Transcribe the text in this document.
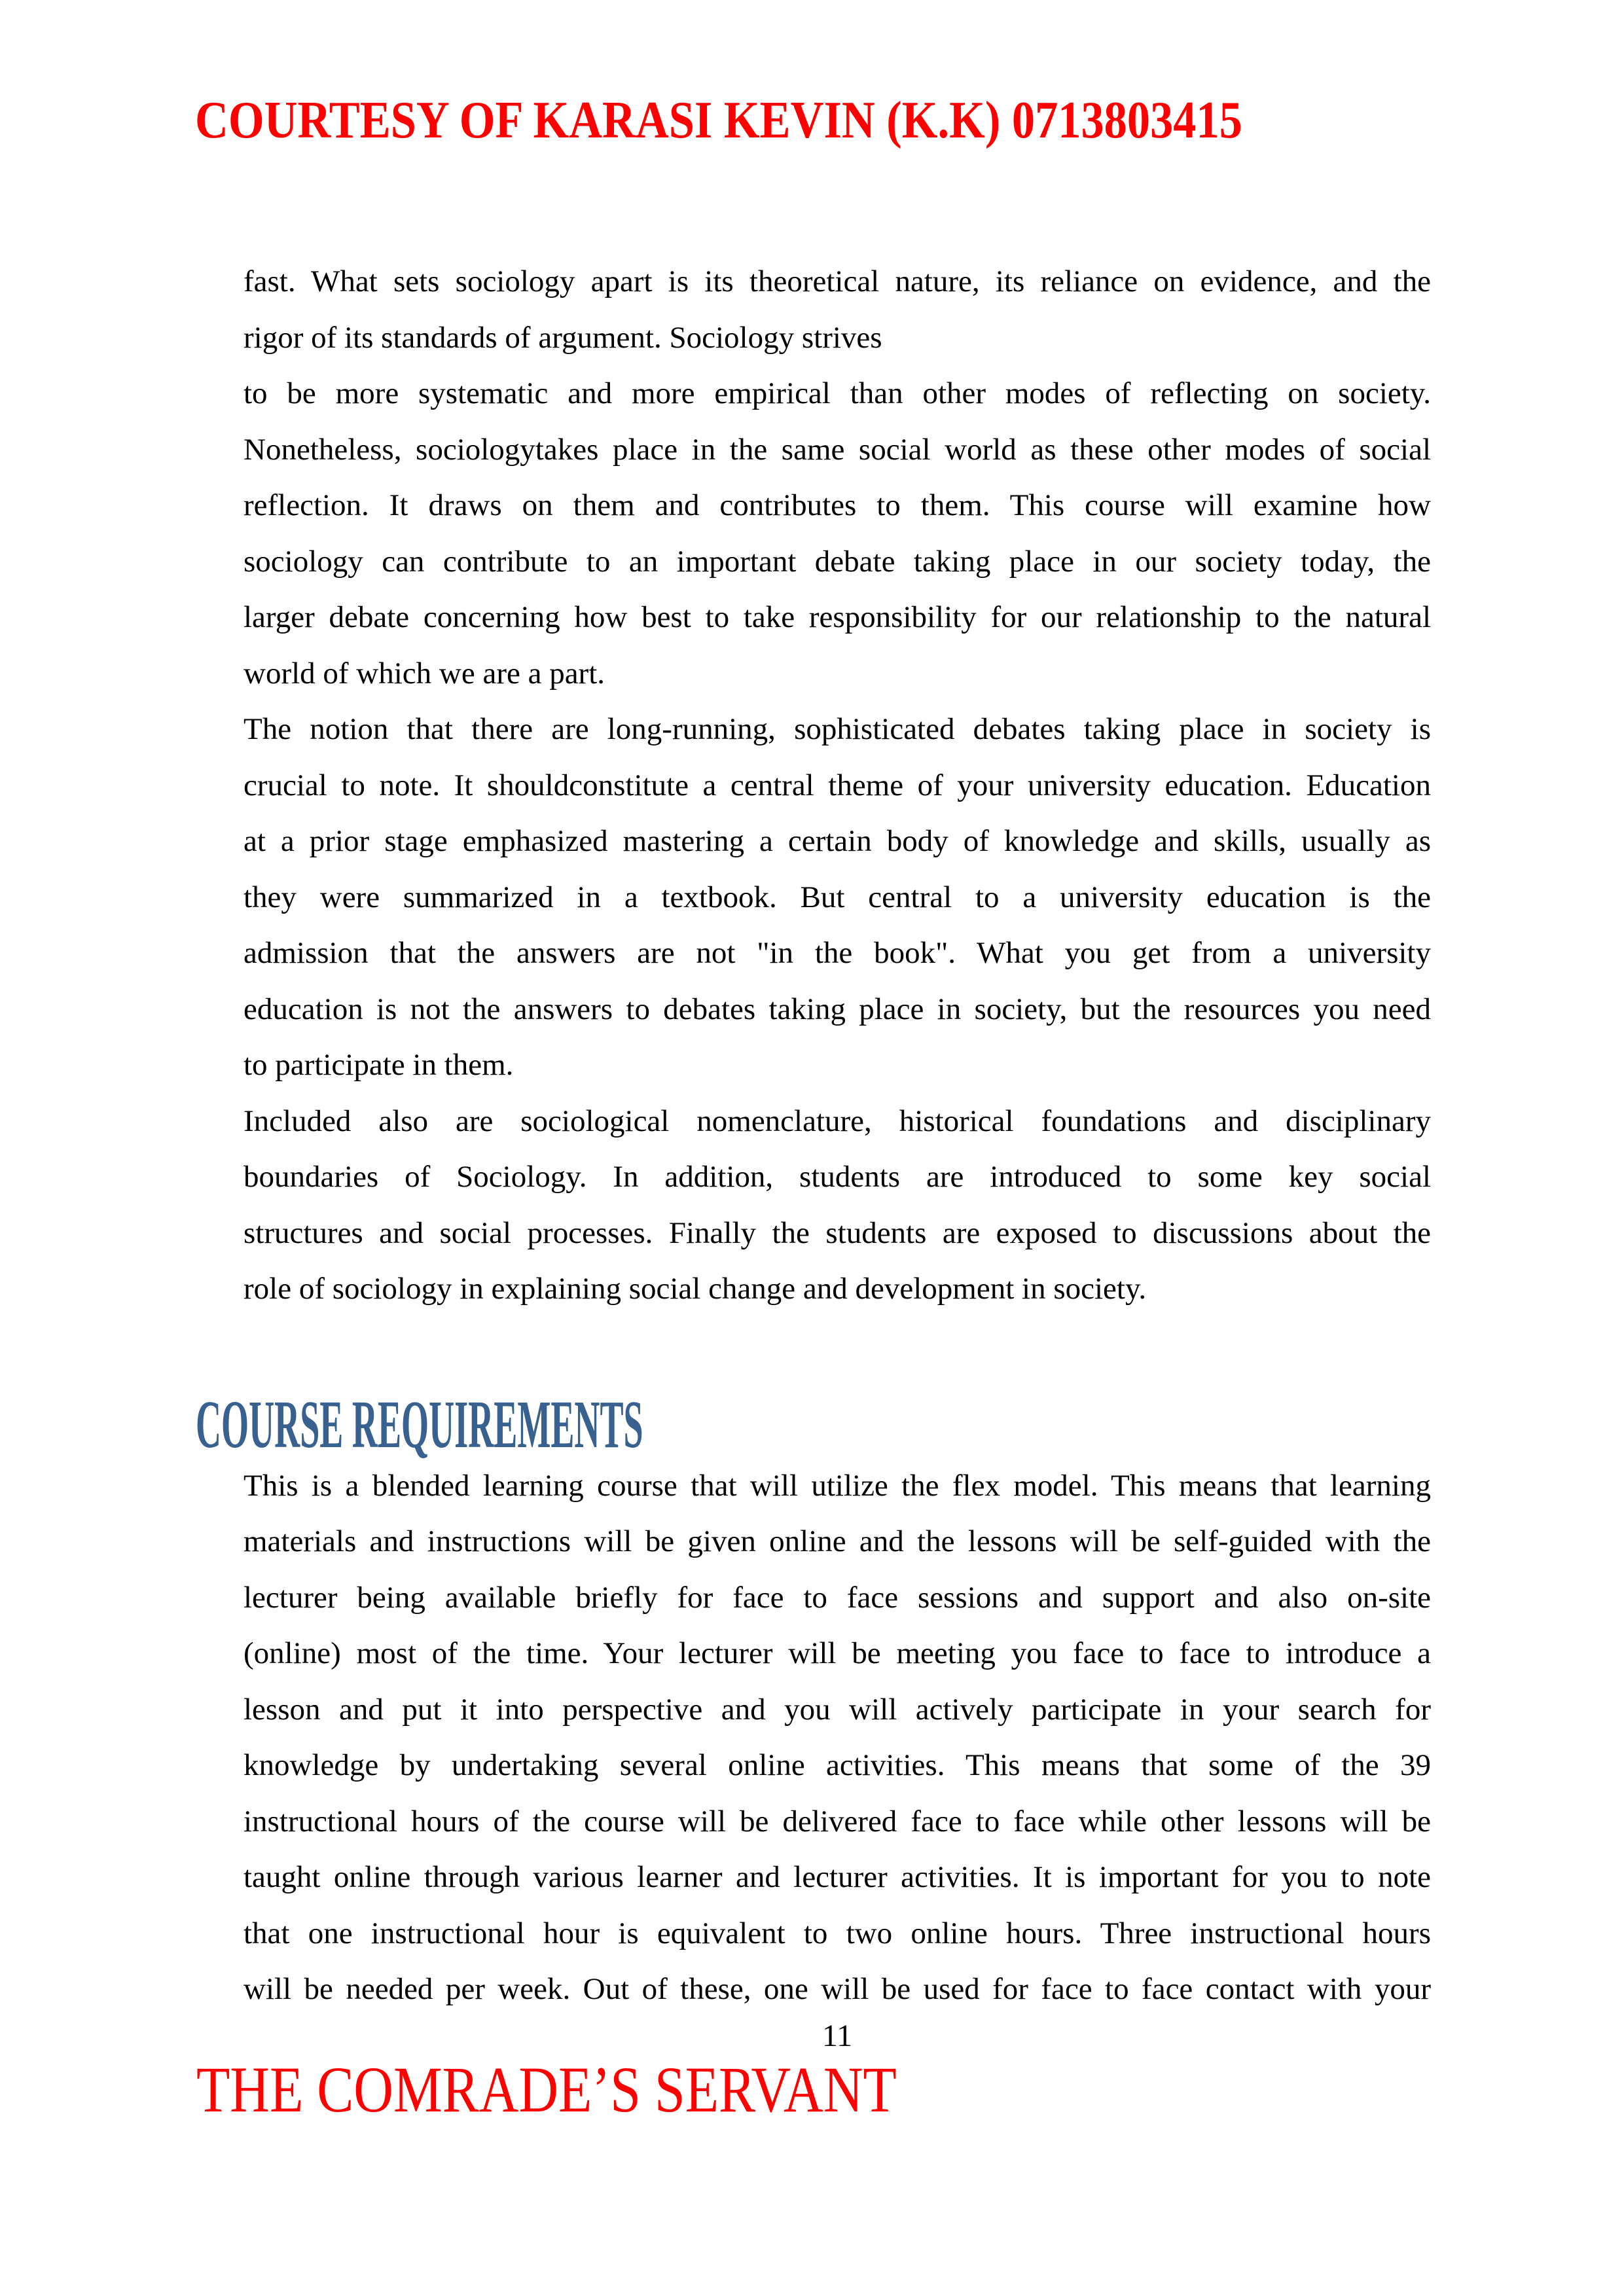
COURTESY OF KARASI KEVIN (K.K) 0713803415
fast. What sets sociology apart is its theoretical nature, its reliance on evidence, and the
rigor of its standards of argument. Sociology strives
to be more systematic and more empirical than other modes of reflecting on society.
Nonetheless, sociologytakes place in the same social world as these other modes of social
reflection. It draws on them and contributes to them. This course will examine how
sociology can contribute to an important debate taking place in our society today, the
larger debate concerning how best to take responsibility for our relationship to the natural
world of which we are a part.
The notion that there are long-running, sophisticated debates taking place in society is
crucial to note. It shouldconstitute a central theme of your university education. Education
at a prior stage emphasized mastering a certain body of knowledge and skills, usually as
they were summarized in a textbook. But central to a university education is the
admission that the answers are not "in the book". What you get from a university
education is not the answers to debates taking place in society, but the resources you need
to participate in them.
Included also are sociological nomenclature, historical foundations and disciplinary
boundaries of Sociology. In addition, students are introduced to some key social
structures and social processes. Finally the students are exposed to discussions about the
role of sociology in explaining social change and development in society.
COURSE REQUIREMENTS
This is a blended learning course that will utilize the flex model. This means that learning
materials and instructions will be given online and the lessons will be self-guided with the
lecturer being available briefly for face to face sessions and support and also on-site
(online) most of the time. Your lecturer will be meeting you face to face to introduce a
lesson and put it into perspective and you will actively participate in your search for
knowledge by undertaking several online activities. This means that some of the 39
instructional hours of the course will be delivered face to face while other lessons will be
taught online through various learner and lecturer activities. It is important for you to note
that one instructional hour is equivalent to two online hours. Three instructional hours
will be needed per week. Out of these, one will be used for face to face contact with your
11
THE COMRADE’S SERVANT
